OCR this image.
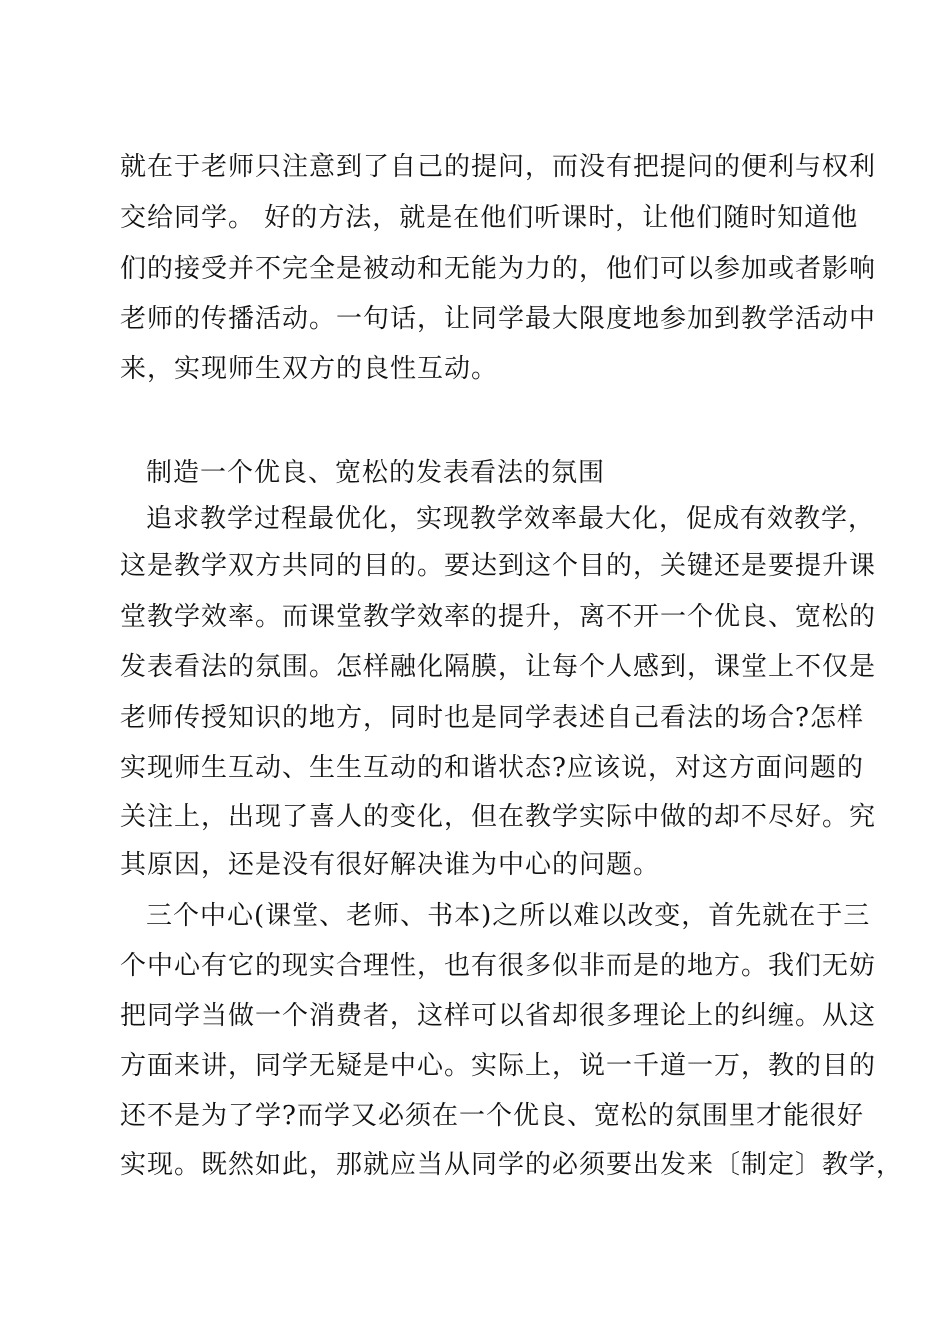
就在于老师只注意到了自己的提问，而没有把提问的便利与权利
交给同学。 好的方法，就是在他们听课时，让他们随时知道他
们的接受并不完全是被动和无能为力的，他们可以参加或者影响
老师的传播活动。一句话，让同学最大限度地参加到教学活动中
来，实现师生双方的良性互动。
制造一个优良、宽松的发表看法的氛围
追求教学过程最优化，实现教学效率最大化，促成有效教学，
这是教学双方共同的目的。要达到这个目的，关键还是要提升课
堂教学效率。而课堂教学效率的提升，离不开一个优良、宽松的
发表看法的氛围。怎样融化隔膜，让每个人感到，课堂上不仅是
老师传授知识的地方，同时也是同学表述自己看法的场合?怎样
实现师生互动、生生互动的和谐状态?应该说，对这方面问题的
关注上，出现了喜人的变化，但在教学实际中做的却不尽好。究
其原因，还是没有很好解决谁为中心的问题。
三个中心(课堂、老师、书本)之所以难以改变，首先就在于三
个中心有它的现实合理性，也有很多似非而是的地方。我们无妨
把同学当做一个消费者，这样可以省却很多理论上的纠缠。从这
方面来讲，同学无疑是中心。实际上，说一千道一万，教的目的
还不是为了学?而学又必须在一个优良、宽松的氛围里才能很好
实现。既然如此，那就应当从同学的必须要出发来〔制定〕教学，
